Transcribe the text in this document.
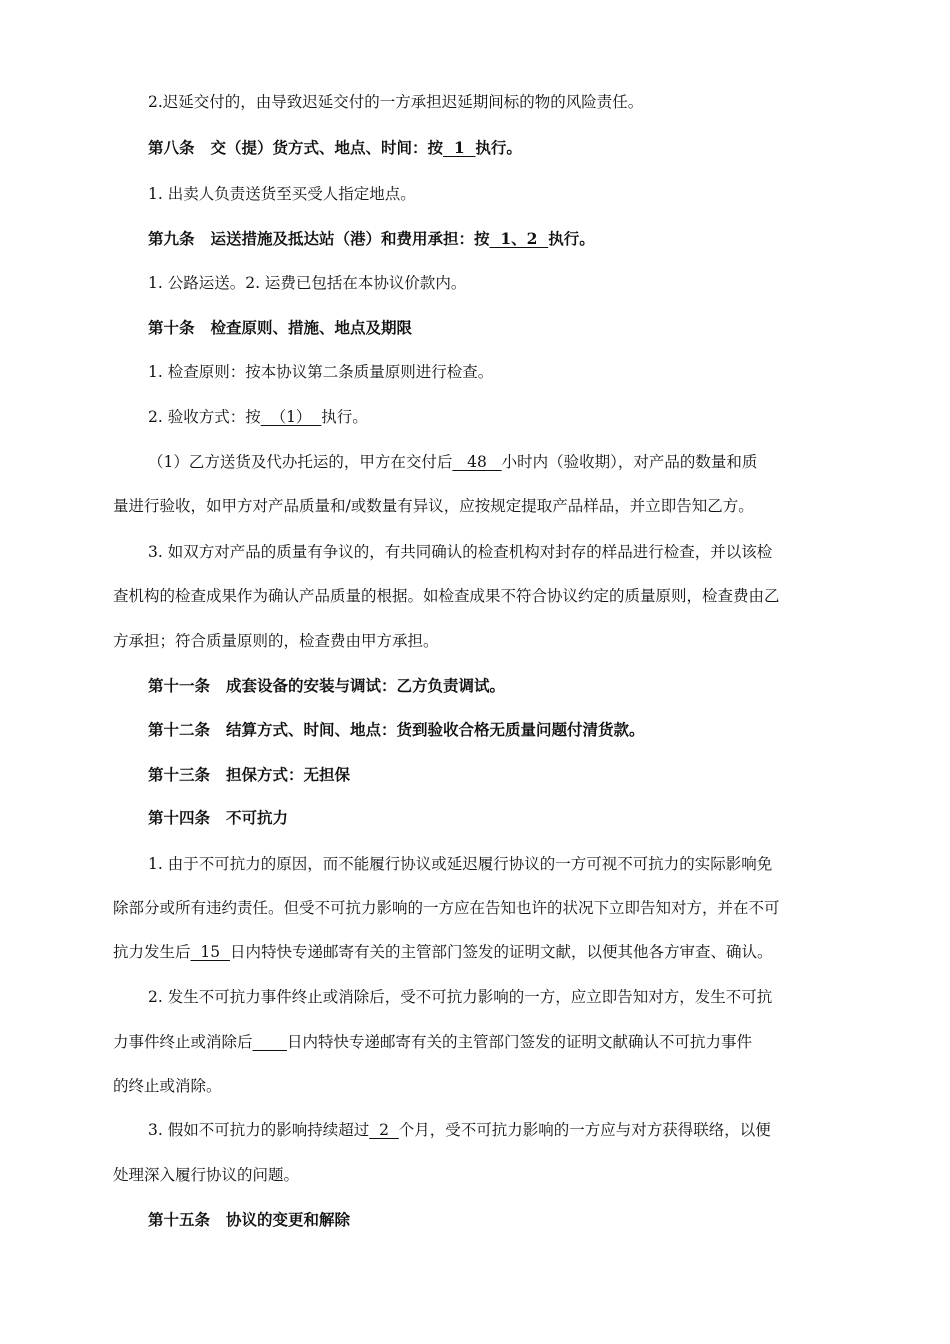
2.迟延交付的，由导致迟延交付的一方承担迟延期间标的物的风险责任。
第八条 交（提）货方式、地点、时间：按  1  执行。
1. 出卖人负责送货至买受人指定地点。
第九条 运送措施及抵达站（港）和费用承担：按  1、2  执行。
1. 公路运送。2. 运费已包括在本协议价款内。
第十条 检查原则、措施、地点及期限
1. 检查原则：按本协议第二条质量原则进行检查。
2. 验收方式：按  （1）  执行。
（1）乙方送货及代办托运的，甲方在交付后   48   小时内（验收期），对产品的数量和质
量进行验收，如甲方对产品质量和/或数量有异议，应按规定提取产品样品，并立即告知乙方。
3. 如双方对产品的质量有争议的，有共同确认的检查机构对封存的样品进行检查，并以该检
查机构的检查成果作为确认产品质量的根据。如检查成果不符合协议约定的质量原则，检查费由乙
方承担；符合质量原则的，检查费由甲方承担。
第十一条 成套设备的安装与调试：乙方负责调试。
第十二条 结算方式、时间、地点：货到验收合格无质量问题付清货款。
第十三条 担保方式：无担保
第十四条 不可抗力
1. 由于不可抗力的原因，而不能履行协议或延迟履行协议的一方可视不可抗力的实际影响免
除部分或所有违约责任。但受不可抗力影响的一方应在告知也许的状况下立即告知对方，并在不可
抗力发生后  15  日内特快专递邮寄有关的主管部门签发的证明文献，以便其他各方审查、确认。
2. 发生不可抗力事件终止或消除后，受不可抗力影响的一方，应立即告知对方，发生不可抗
力事件终止或消除后 日内特快专递邮寄有关的主管部门签发的证明文献确认不可抗力事件
的终止或消除。
3. 假如不可抗力的影响持续超过  2  个月，受不可抗力影响的一方应与对方获得联络，以便
处理深入履行协议的问题。
第十五条 协议的变更和解除
